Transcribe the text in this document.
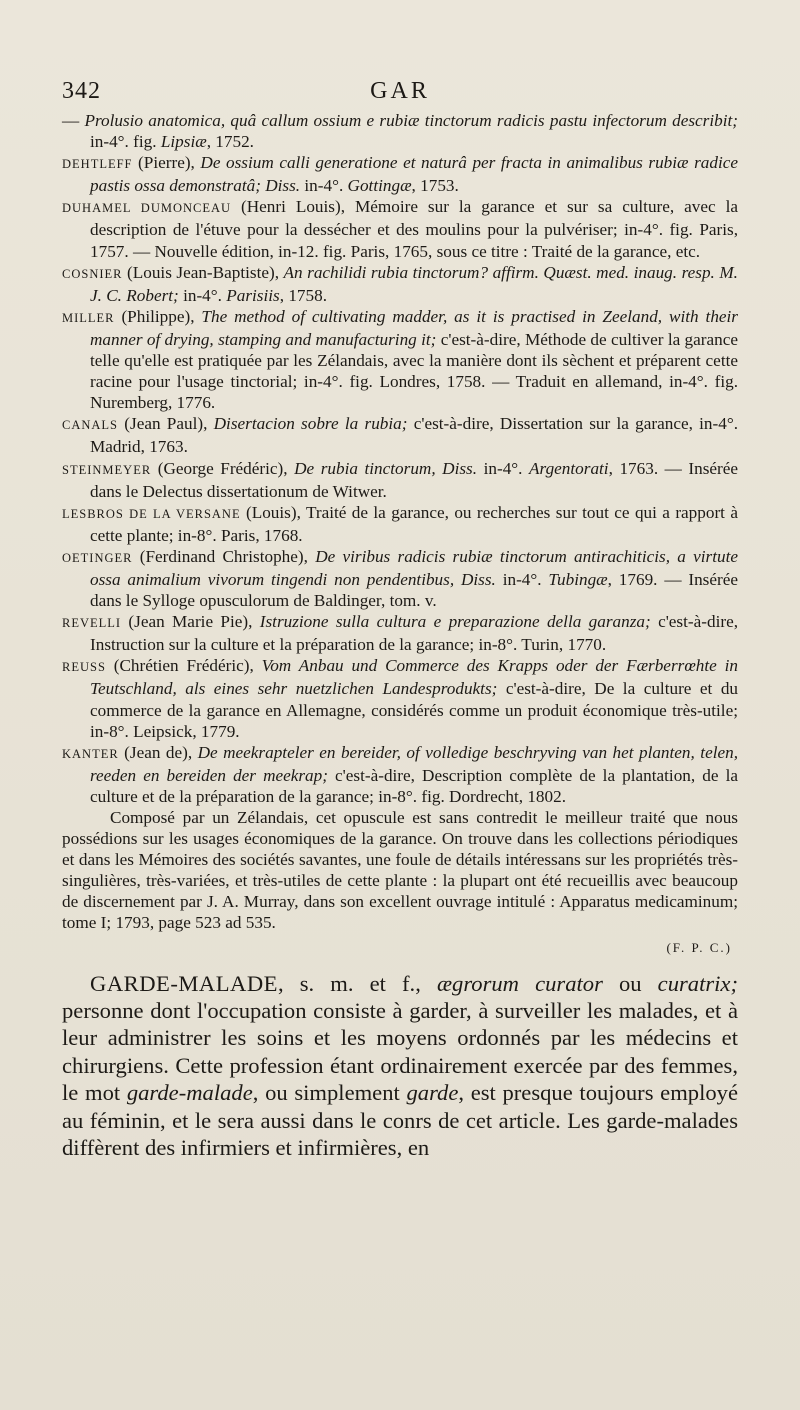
342	GAR

— Prolusio anatomica, quâ callum ossium e rubiæ tinctorum radicis pastu infectorum describit; in-4°. fig. Lipsiæ, 1752.

DEHTLEFF (Pierre), De ossium calli generatione et naturâ per fracta in animalibus rubiæ radice pastis ossa demonstratâ; Diss. in-4°. Gottingæ, 1753.

DUHAMEL DUMONCEAU (Henri Louis), Mémoire sur la garance et sur sa culture, avec la description de l'étuve pour la dessécher et des moulins pour la pulvériser; in-4°. fig. Paris, 1757. — Nouvelle édition, in-12. fig. Paris, 1765, sous ce titre : Traité de la garance, etc.

COSNIER (Louis Jean-Baptiste), An rachilidi rubia tinctorum? affirm. Quæst. med. inaug. resp. M. J. C. Robert; in-4°. Parisiis, 1758.

MILLER (Philippe), The method of cultivating madder, as it is practised in Zeeland, with their manner of drying, stamping and manufacturing it; c'est-à-dire, Méthode de cultiver la garance telle qu'elle est pratiquée par les Zélandais, avec la manière dont ils sèchent et préparent cette racine pour l'usage tinctorial; in-4°. fig. Londres, 1758. — Traduit en allemand, in-4°. fig. Nuremberg, 1776.

CANALS (Jean Paul), Disertacion sobre la rubia; c'est-à-dire, Dissertation sur la garance, in-4°. Madrid, 1763.

STEINMEYER (George Frédéric), De rubia tinctorum, Diss. in-4°. Argentorati, 1763. — Insérée dans le Delectus dissertationum de Witwer.

LESBROS DE LA VERSANE (Louis), Traité de la garance, ou recherches sur tout ce qui a rapport à cette plante; in-8°. Paris, 1768.

OETINGER (Ferdinand Christophe), De viribus radicis rubiæ tinctorum antirachiticis, a virtute ossa animalium vivorum tingendi non pendentibus, Diss. in-4°. Tubingæ, 1769. — Insérée dans le Sylloge opusculorum de Baldinger, tom. v.

REVELLI (Jean Marie Pie), Istruzione sulla cultura e preparazione della garanza; c'est-à-dire, Instruction sur la culture et la préparation de la garance; in-8°. Turin, 1770.

REUSS (Chrétien Frédéric), Vom Anbau und Commerce des Krapps oder der Færberrœhte in Teutschland, als eines sehr nuetzlichen Landesprodukts; c'est-à-dire, De la culture et du commerce de la garance en Allemagne, considérés comme un produit économique très-utile; in-8°. Leipsick, 1779.

KANTER (Jean de), De meekrapteler en bereider, of volledige beschryving van het planten, telen, reeden en bereiden der meekrap; c'est-à-dire, Description complète de la plantation, de la culture et de la préparation de la garance; in-8°. fig. Dordrecht, 1802.

Composé par un Zélandais, cet opuscule est sans contredit le meilleur traité que nous possédions sur les usages économiques de la garance. On trouve dans les collections périodiques et dans les Mémoires des sociétés savantes, une foule de détails intéressans sur les propriétés très-singulières, très-variées, et très-utiles de cette plante : la plupart ont été recueillis avec beaucoup de discernement par J. A. Murray, dans son excellent ouvrage intitulé : Apparatus medicaminum; tome I; 1793, page 523 ad 535.

(F. P. C.)

GARDE-MALADE, s. m. et f., ægrorum curator ou curatrix; personne dont l'occupation consiste à garder, à surveiller les malades, et à leur administrer les soins et les moyens ordonnés par les médecins et chirurgiens. Cette profession étant ordinairement exercée par des femmes, le mot garde-malade, ou simplement garde, est presque toujours employé au féminin, et le sera aussi dans le conrs de cet article. Les garde-malades diffèrent des infirmiers et infirmières, en
